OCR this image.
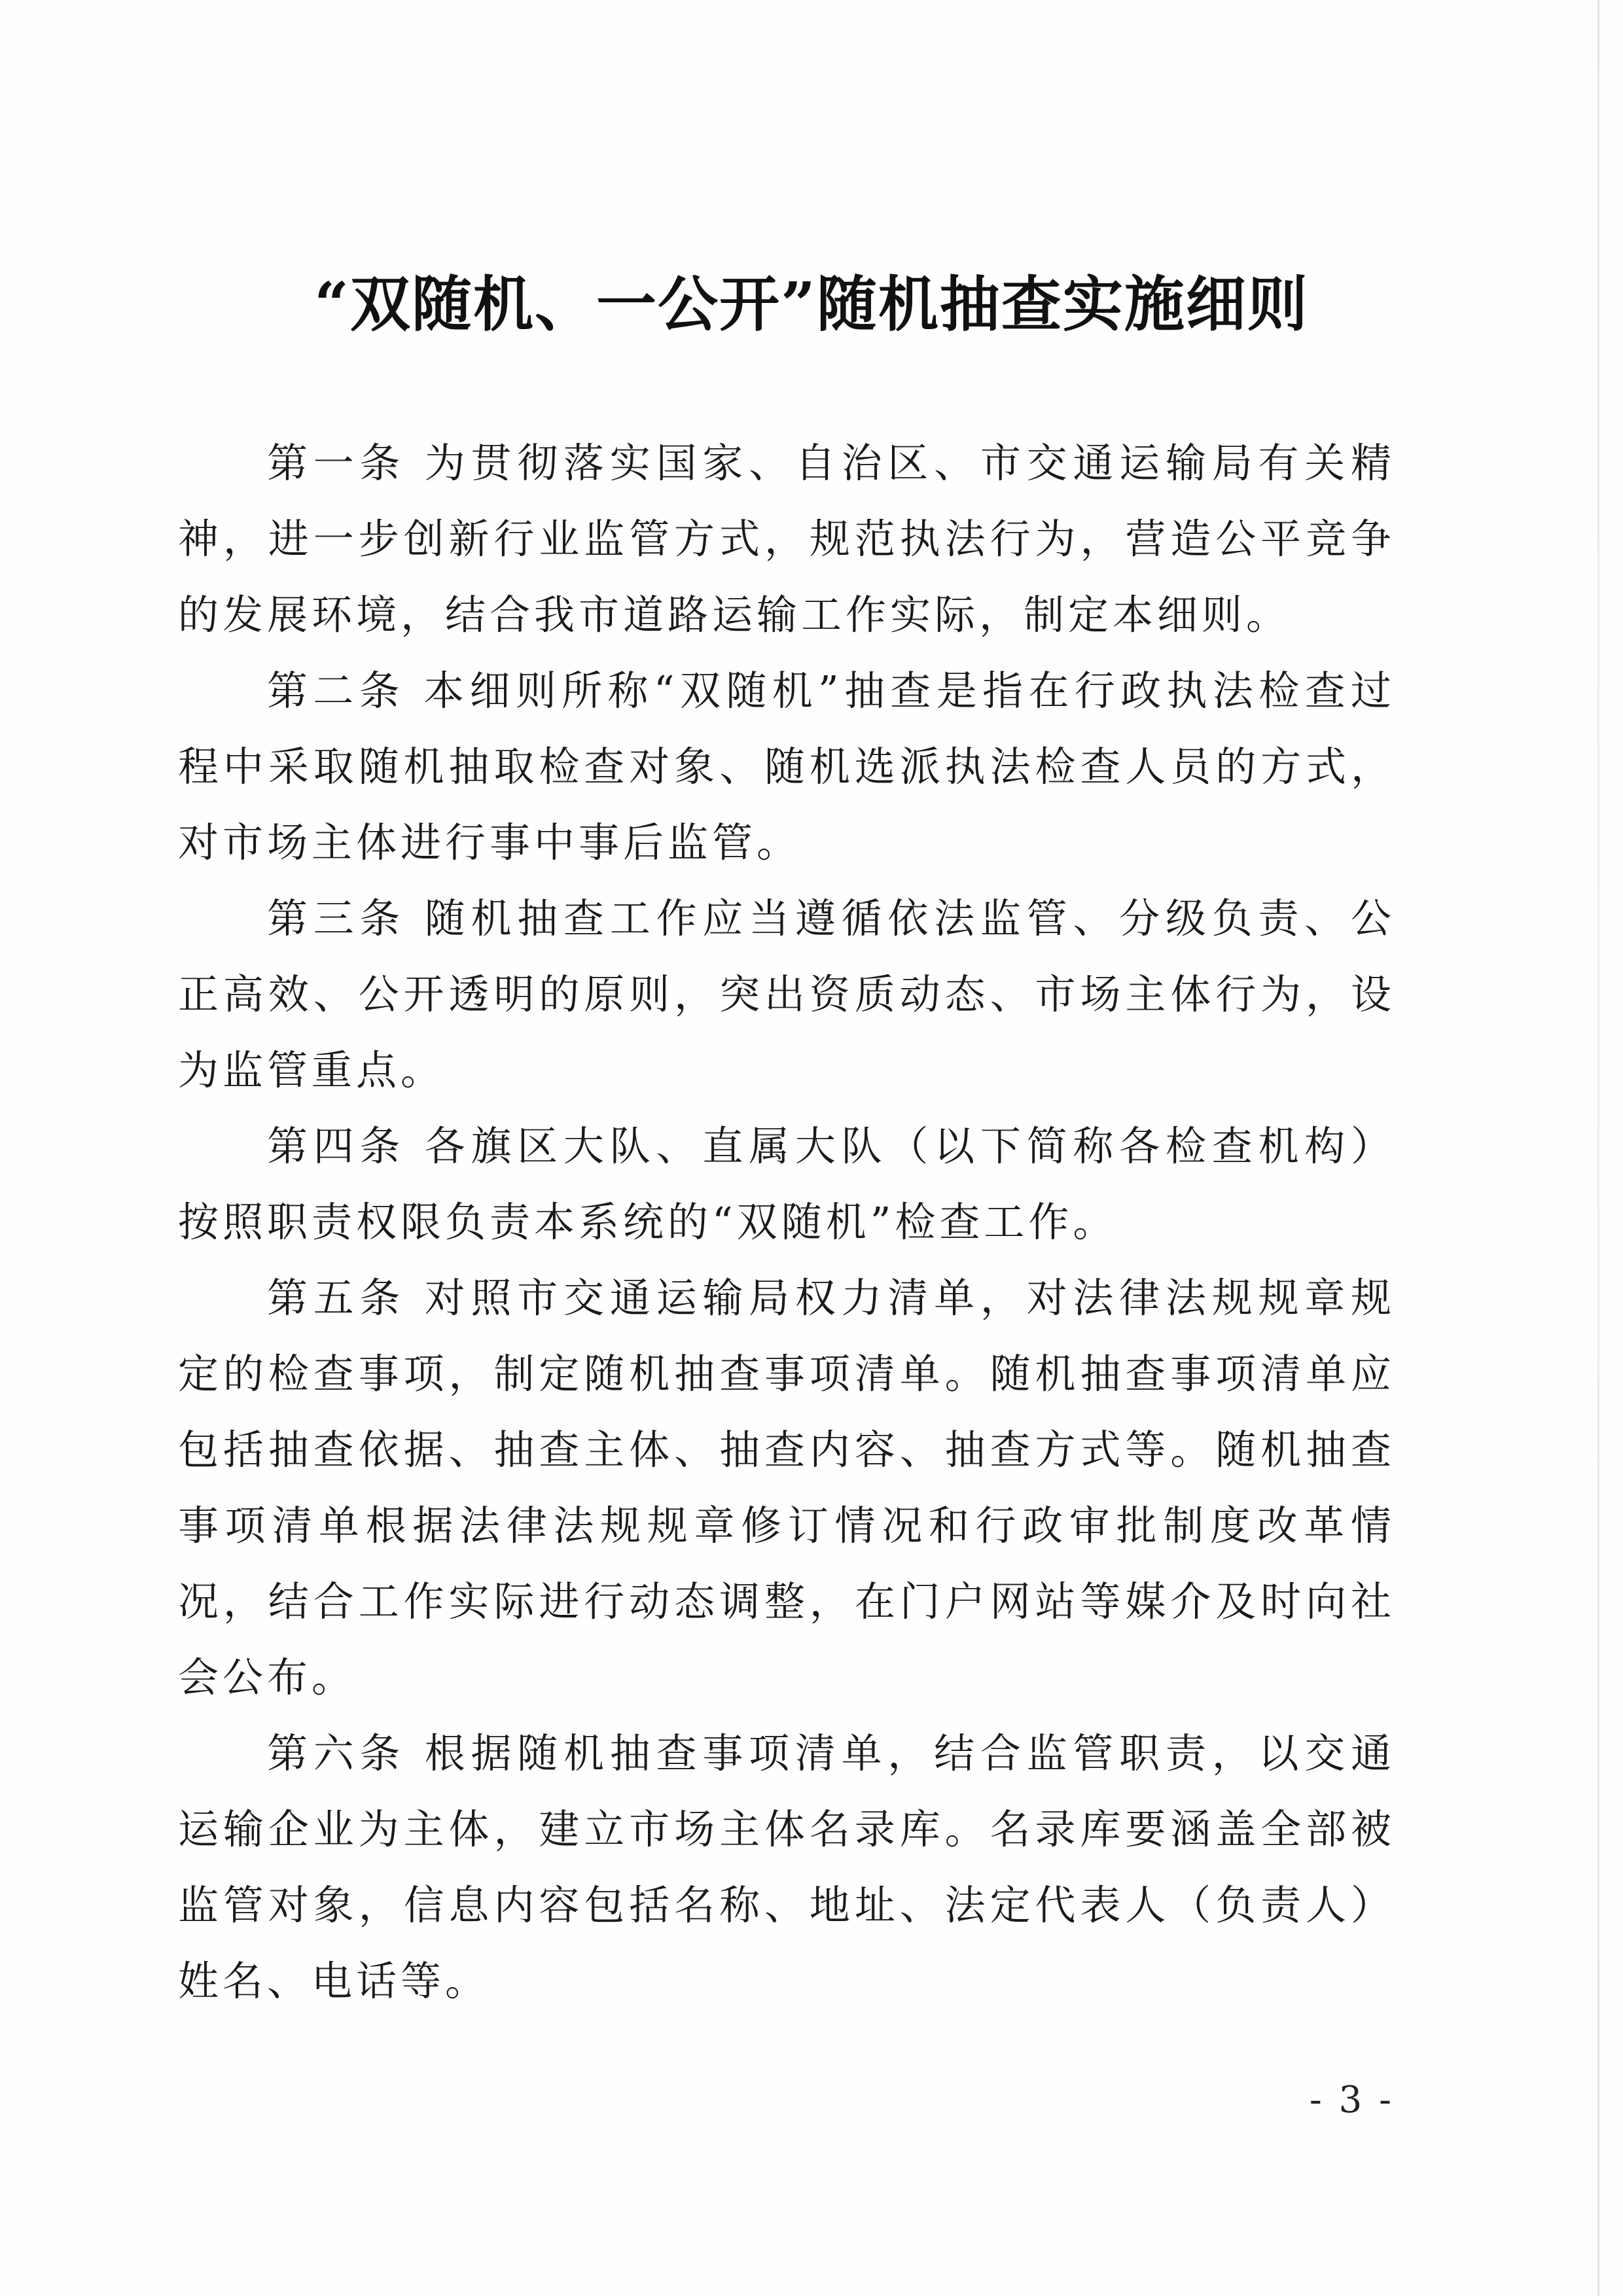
“双随机、一公开”随机抽查实施细则

第一条 为贯彻落实国家、自治区、市交通运输局有关精神，进一步创新行业监管方式，规范执法行为，营造公平竞争的发展环境，结合我市道路运输工作实际，制定本细则。

第二条 本细则所称“双随机”抽查是指在行政执法检查过程中采取随机抽取检查对象、随机选派执法检查人员的方式，对市场主体进行事中事后监管。

第三条 随机抽查工作应当遵循依法监管、分级负责、公正高效、公开透明的原则，突出资质动态、市场主体行为，设为监管重点。

第四条 各旗区大队、直属大队（以下简称各检查机构）按照职责权限负责本系统的“双随机”检查工作。

第五条 对照市交通运输局权力清单，对法律法规规章规定的检查事项，制定随机抽查事项清单。随机抽查事项清单应包括抽查依据、抽查主体、抽查内容、抽查方式等。随机抽查事项清单根据法律法规规章修订情况和行政审批制度改革情况，结合工作实际进行动态调整，在门户网站等媒介及时向社会公布。

第六条 根据随机抽查事项清单，结合监管职责，以交通运输企业为主体，建立市场主体名录库。名录库要涵盖全部被监管对象，信息内容包括名称、地址、法定代表人（负责人）姓名、电话等。

- 3 -
